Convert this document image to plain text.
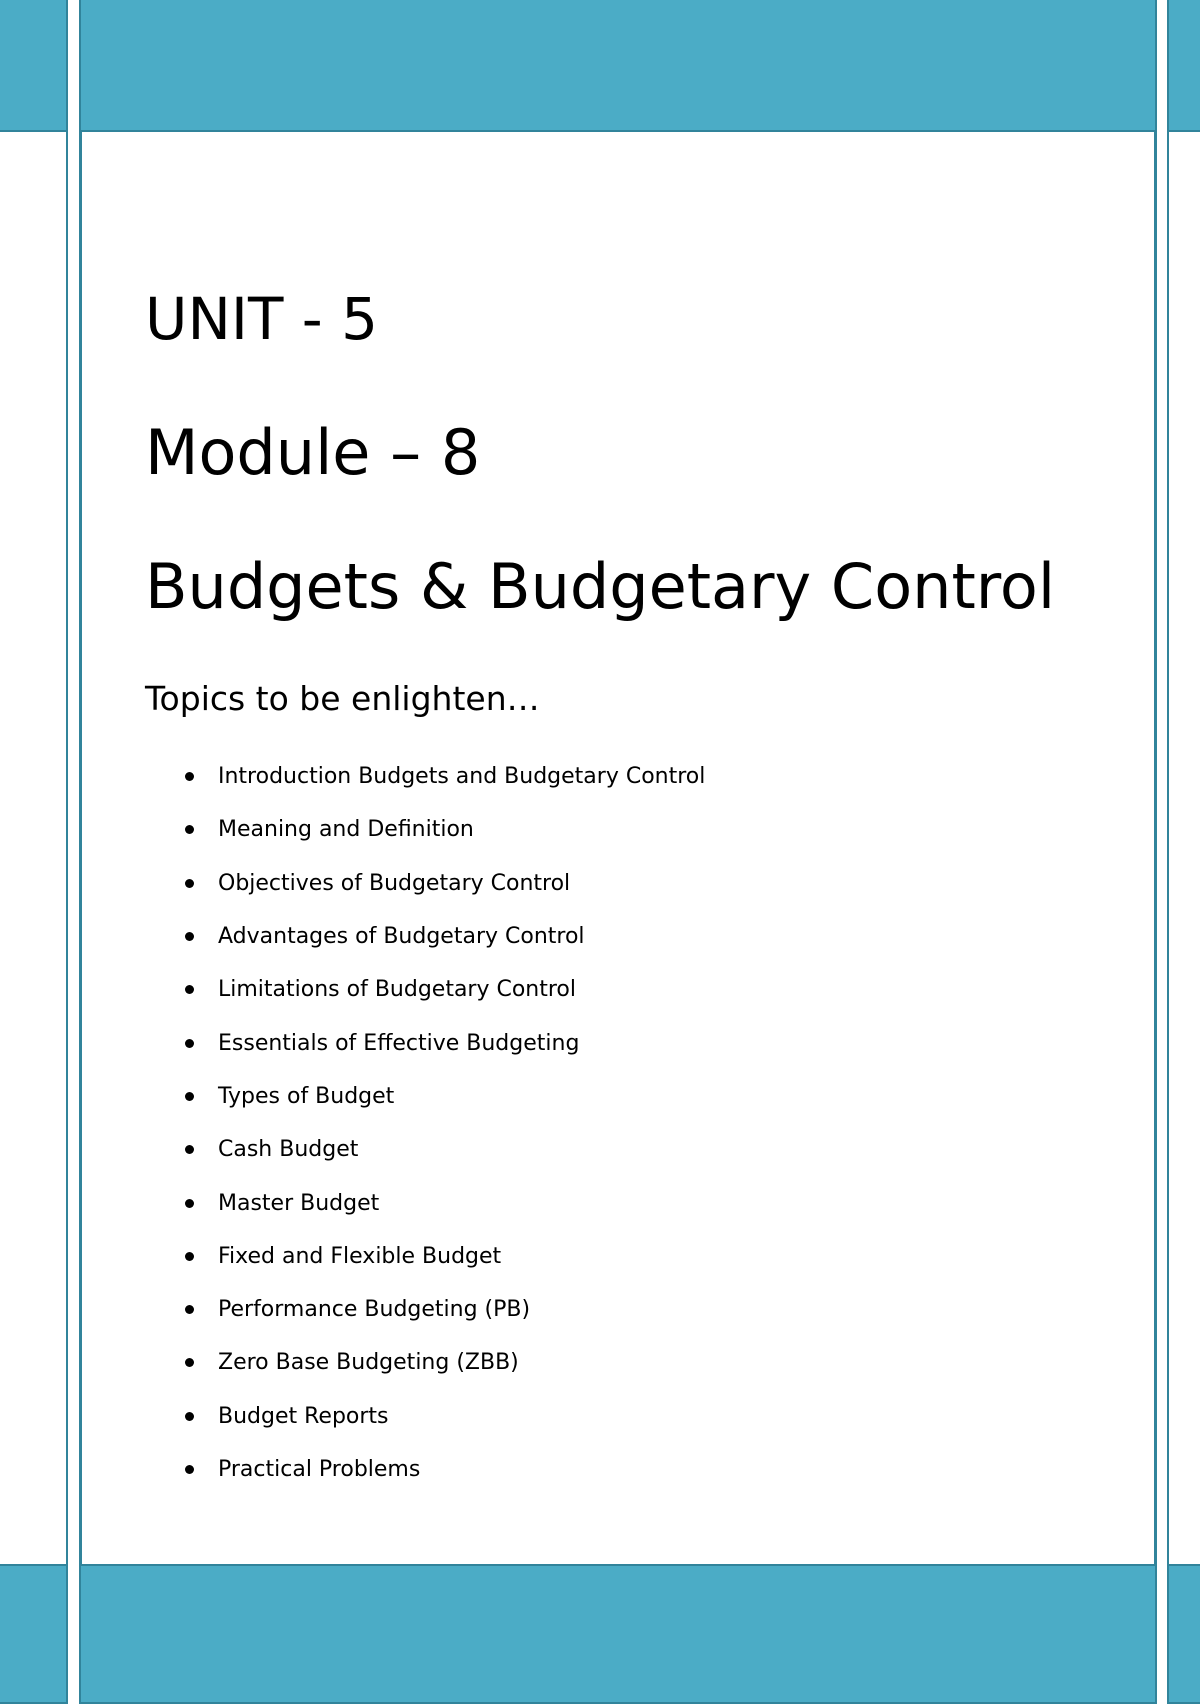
UNIT - 5
Module – 8
Budgets & Budgetary Control
Topics to be enlighten…
Introduction Budgets and Budgetary Control
Meaning and Definition
Objectives of Budgetary Control
Advantages of Budgetary Control
Limitations of Budgetary Control
Essentials of Effective Budgeting
Types of Budget
Cash Budget
Master Budget
Fixed and Flexible Budget
Performance Budgeting (PB)
Zero Base Budgeting (ZBB)
Budget Reports
Practical Problems
